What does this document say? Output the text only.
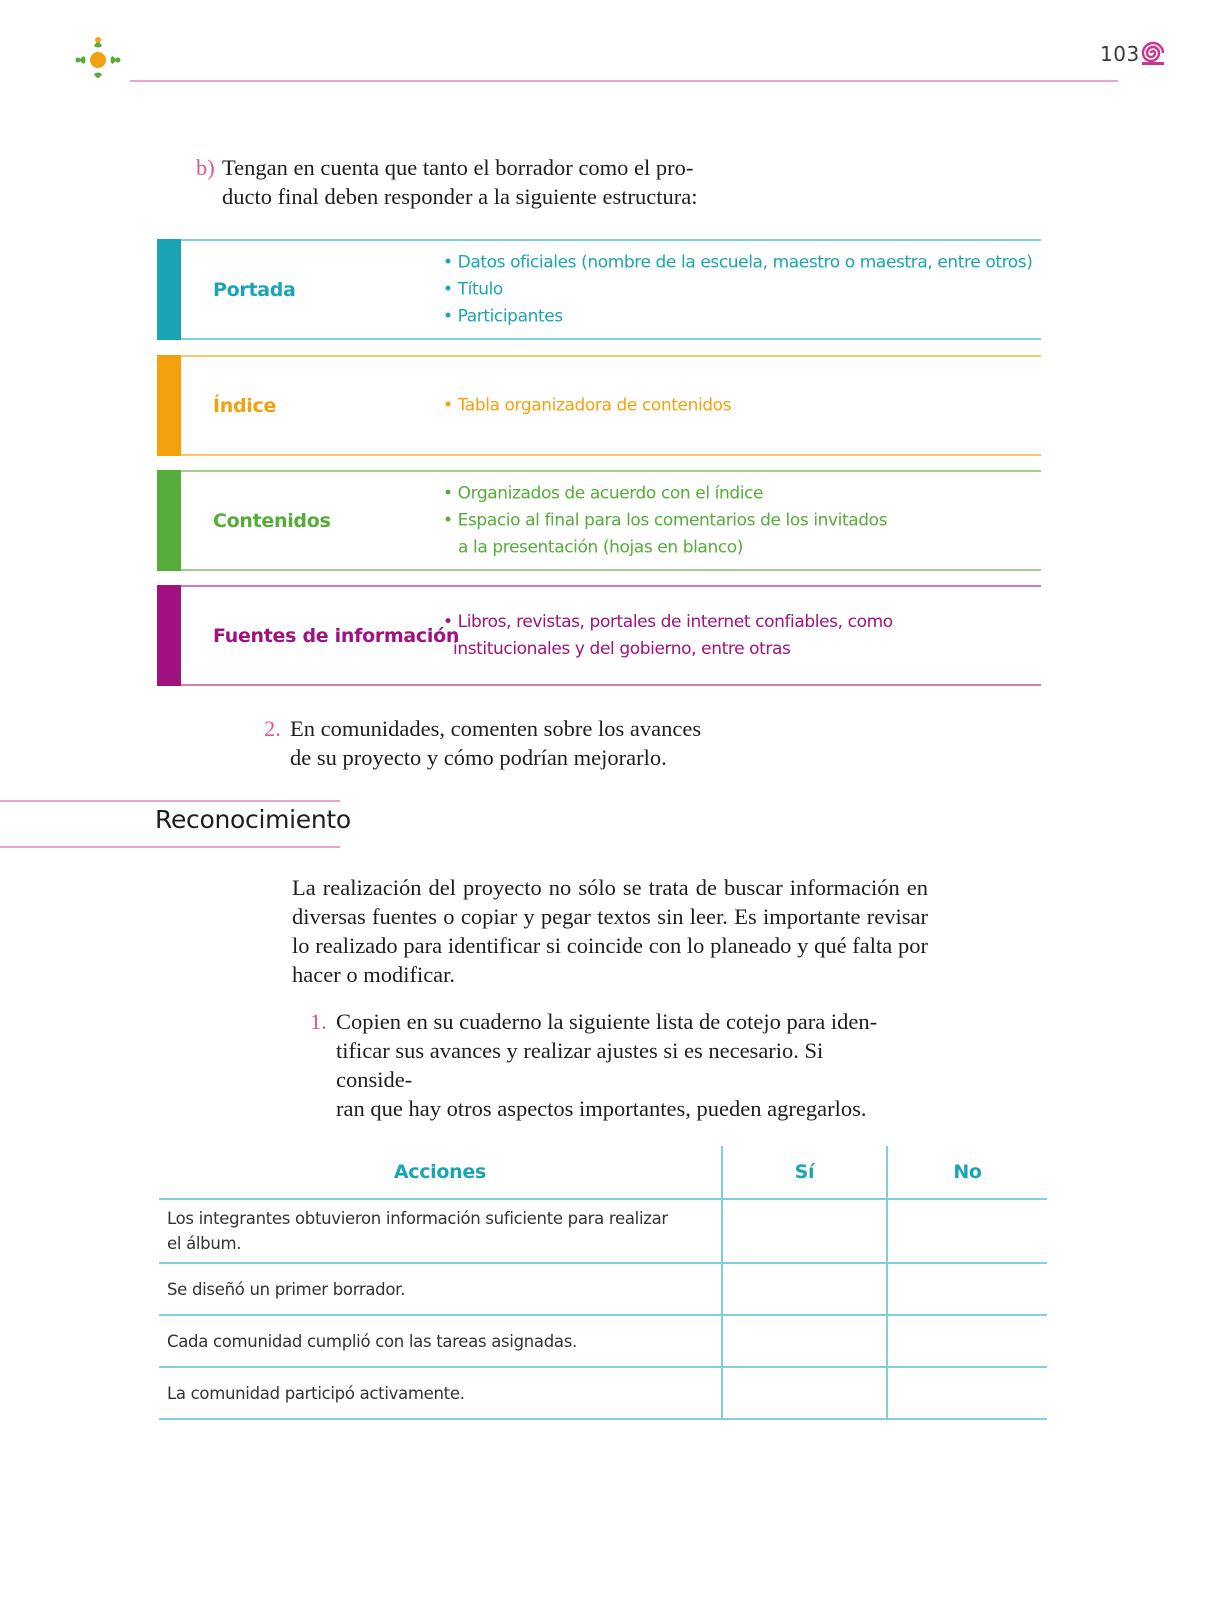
103
b) Tengan en cuenta que tanto el borrador como el pro-
ducto final deben responder a la siguiente estructura:
Portada
• Datos oficiales (nombre de la escuela, maestro o maestra, entre otros)
• Título
• Participantes
Índice	• Tabla organizadora de contenidos
Contenidos
• Organizados de acuerdo con el índice
• Espacio al final para los comentarios de los invitados
a la presentación (hojas en blanco)
Fuentes de información
• Libros, revistas, portales de internet confiables, como
institucionales y del gobierno, entre otras
2. En comunidades, comenten sobre los avances
de su proyecto y cómo podrían mejorarlo.
Reconocimiento
La realización del proyecto no sólo se trata de buscar información en diversas fuentes o copiar y pegar textos sin leer. Es importante revisar lo realizado para identificar si coincide con lo planeado y qué falta por hacer o modificar.
1. Copien en su cuaderno la siguiente lista de cotejo para iden-
tificar sus avances y realizar ajustes si es necesario. Si conside-
ran que hay otros aspectos importantes, pueden agregarlos.
Acciones	Sí	No

Los integrantes obtuvieron información suficiente para realizar
el álbum.		

Se diseñó un primer borrador.		
Cada comunidad cumplió con las tareas asignadas.		
La comunidad participó activamente.		
